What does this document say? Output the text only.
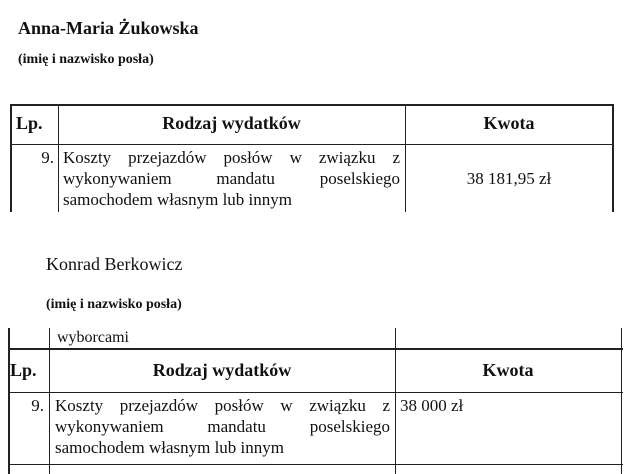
Anna-Maria Żukowska
(imię i nazwisko posła)
Lp.	Rodzaj wydatków	Kwota
9. Koszty przejazdów posłów w związku z
wykonywaniem mandatu poselskiego
samochodem własnym lub innym
38 181,95 zł
Konrad Berkowicz
(imię i nazwisko posła)
wyborcami
Lp.	Rodzaj wydatków	Kwota
9. Koszty przejazdów posłów w związku z
wykonywaniem mandatu poselskiego
samochodem własnym lub innym
38 000 zł
